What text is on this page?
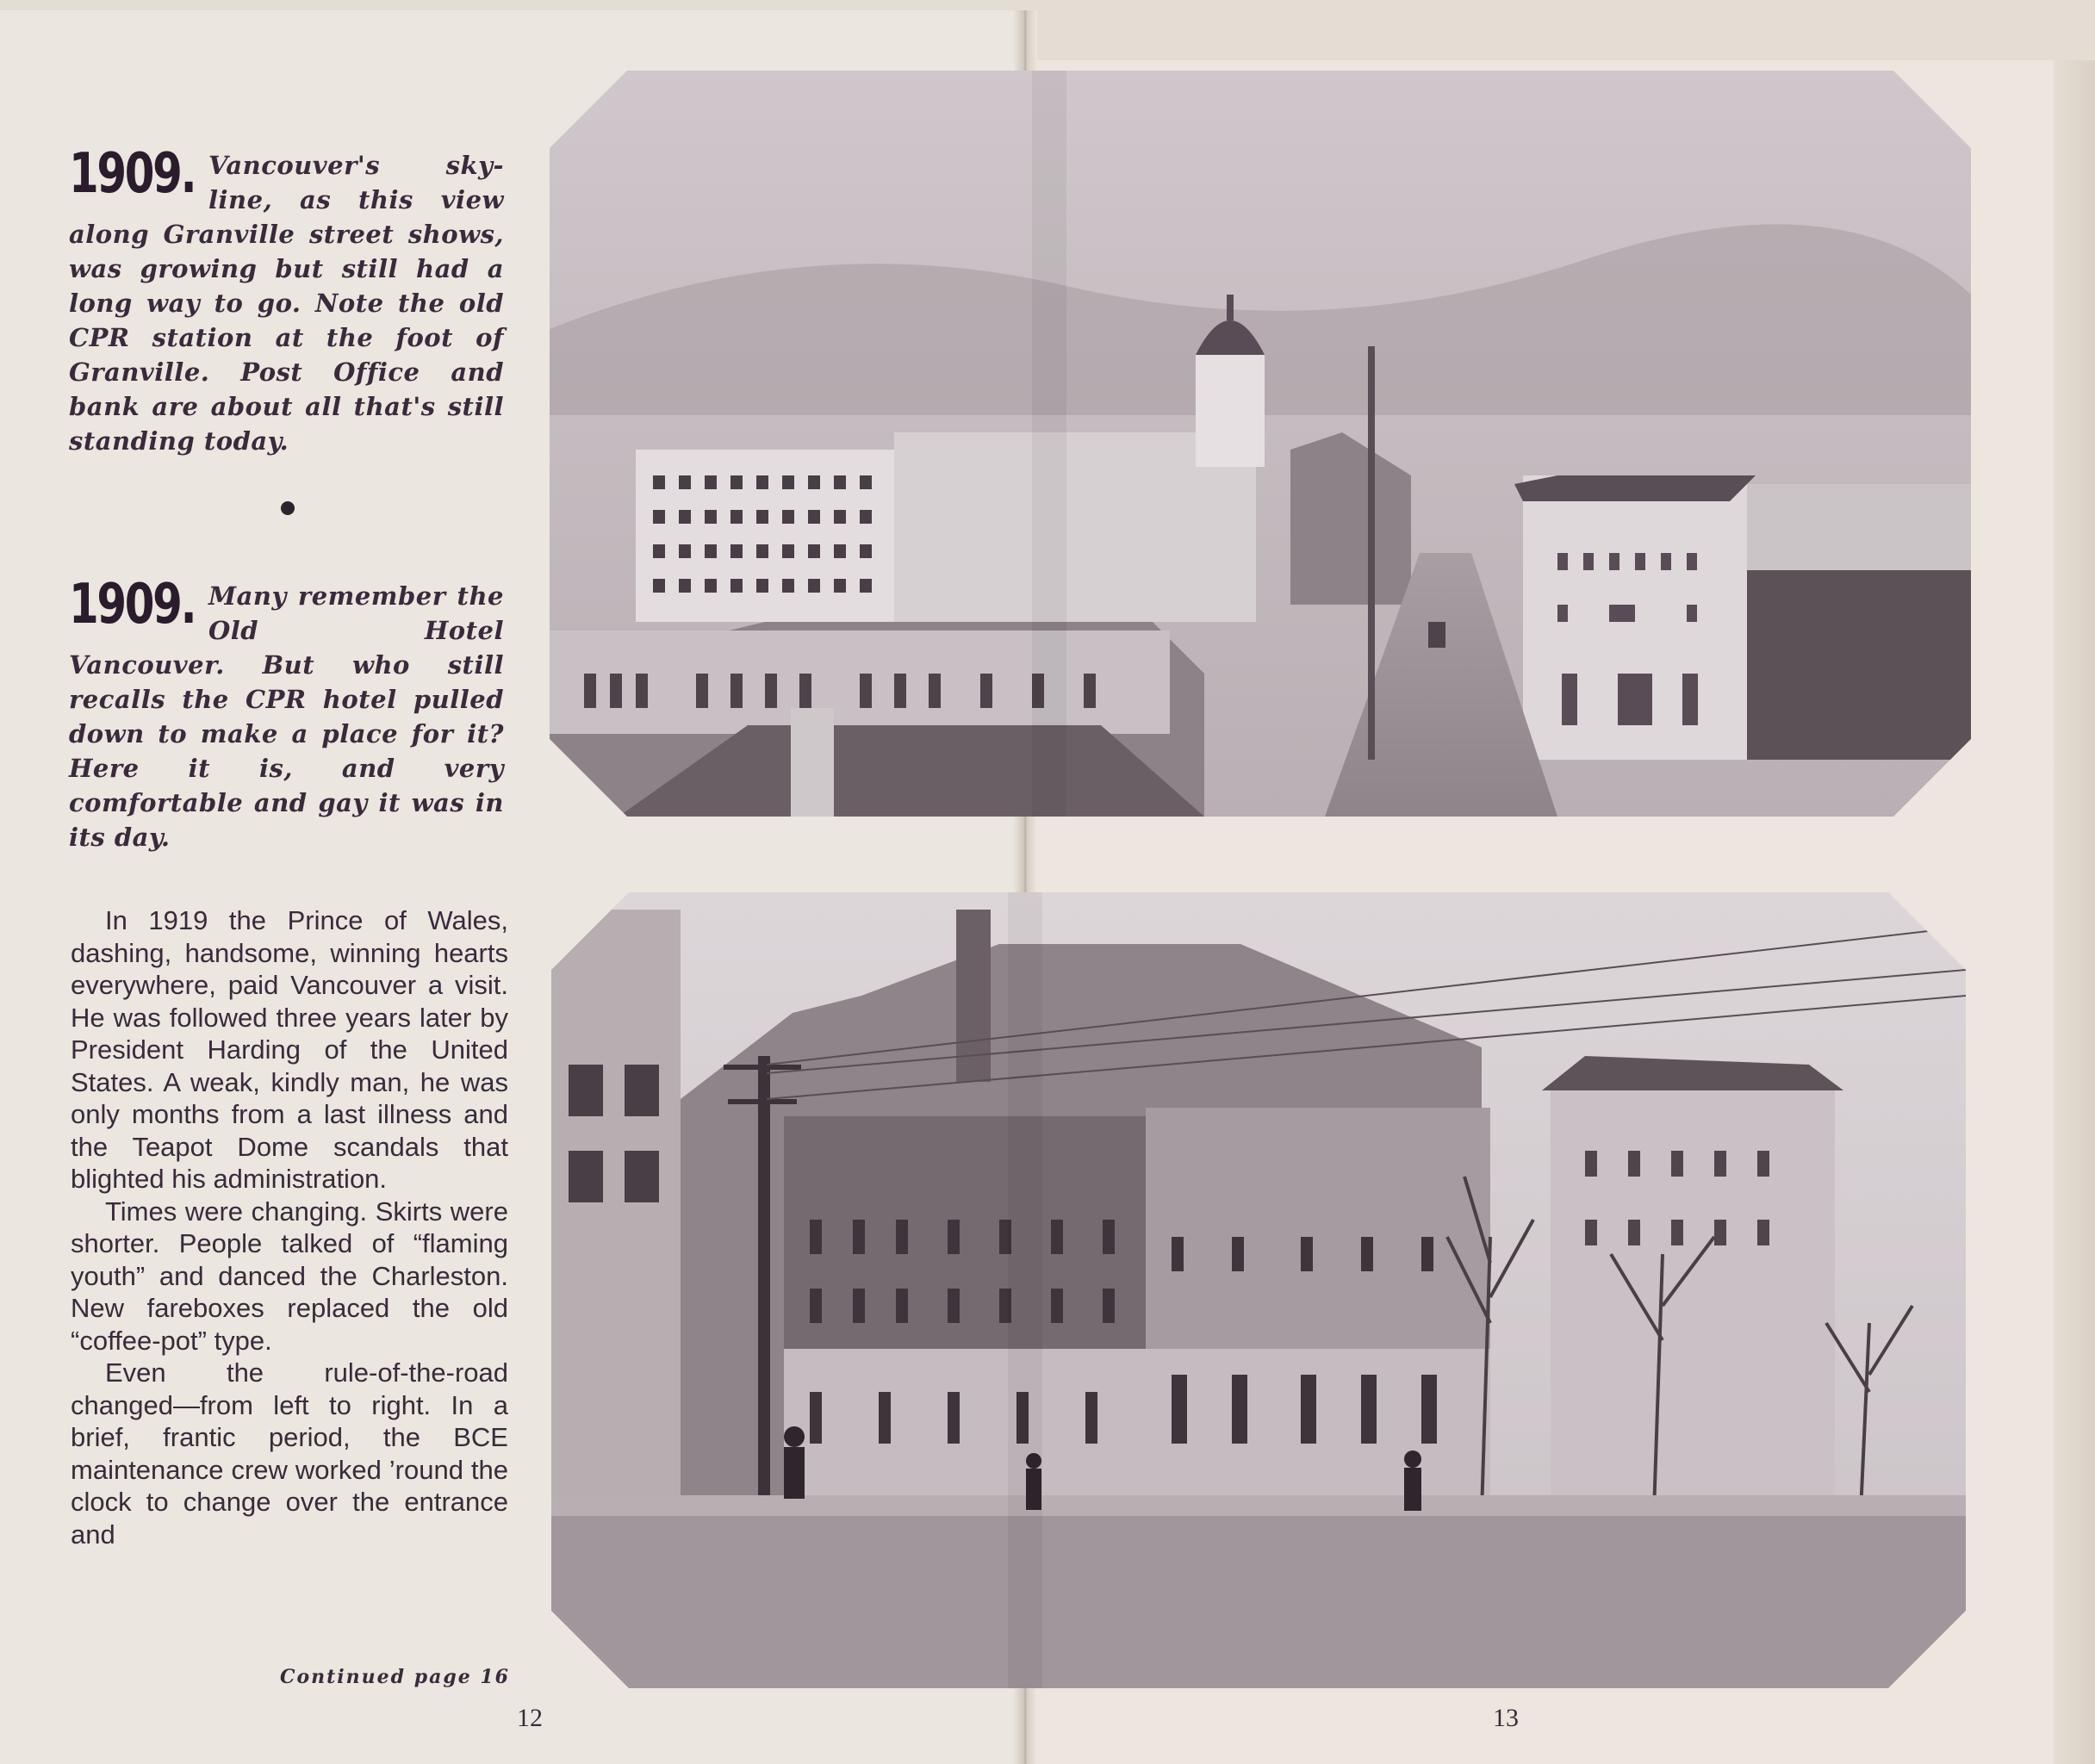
1909. Vancouver's sky-line, as this view along Granville street shows, was growing but still had a long way to go. Note the old CPR station at the foot of Granville. Post Office and bank are about all that's still standing today.
1909. Many remember the Old Hotel Vancouver. But who still recalls the CPR hotel pulled down to make a place for it? Here it is, and very comfortable and gay it was in its day.

In 1919 the Prince of Wales, dashing, handsome, winning hearts everywhere, paid Vancouver a visit. He was followed three years later by President Harding of the United States. A weak, kindly man, he was only months from a last illness and the Teapot Dome scandals that blighted his administration.

Times were changing. Skirts were shorter. People talked of “flaming youth” and danced the Charleston. New fareboxes replaced the old “coffee-pot” type.

Even the rule-of-the-road changed—from left to right. In a brief, frantic period, the BCE maintenance crew worked ’round the clock to change over the entrance and

Continued page 16
12	13
